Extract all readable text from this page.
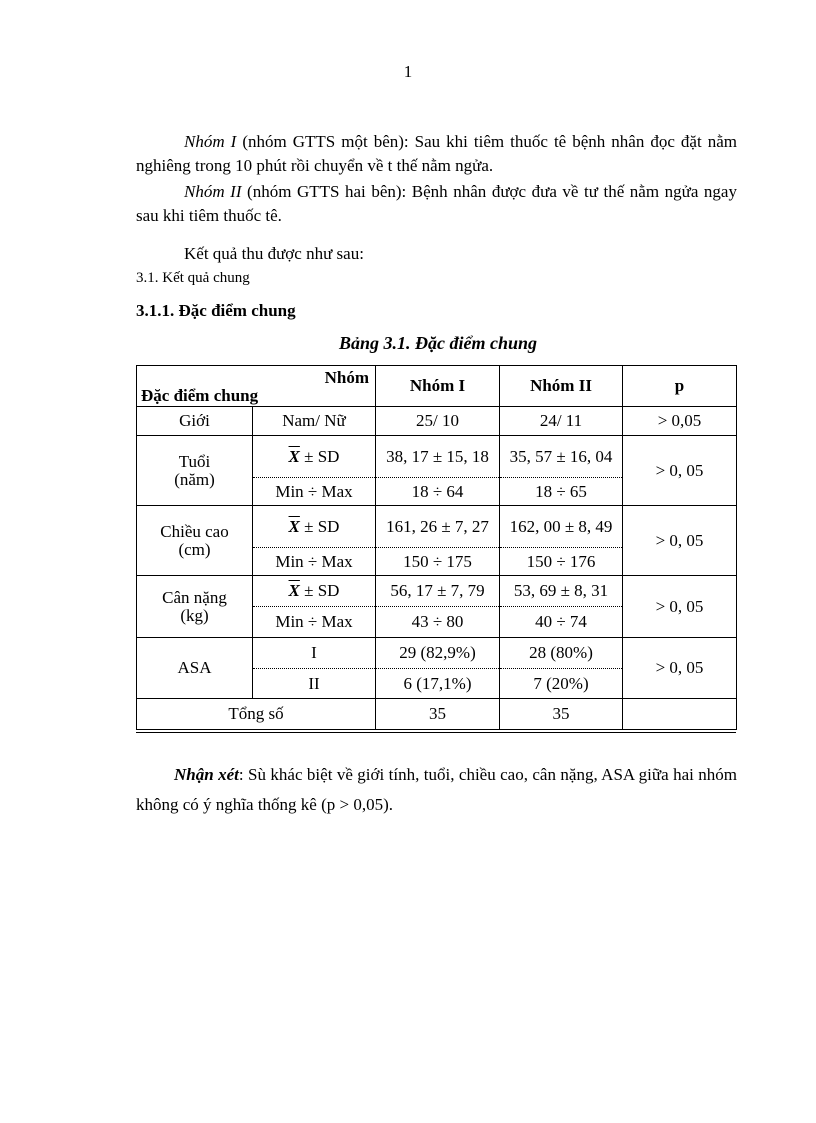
1

Nhóm I (nhóm GTTS một bên): Sau khi tiêm thuốc tê bệnh nhân đọc đặt nằm nghiêng trong 10 phút rồi chuyển về t thế nằm ngửa.

Nhóm II (nhóm GTTS hai bên): Bệnh nhân được đưa về tư thế nằm ngửa ngay sau khi tiêm thuốc tê.

Kết quả thu được như sau:

3.1. Kết quả chung
3.1.1. Đặc điểm chung
Bảng 3.1. Đặc điểm chung
Nhóm
Đặc điểm chung		Nhóm I	Nhóm II	p
Giới	Nam/ Nữ	25/ 10	24/ 11	> 0,05
Tuổi
(năm)	$\overline{X}$ ± SD	38, 17 ± 15, 18	35, 57 ± 16, 04	> 0, 05
	Min ÷ Max	18 ÷ 64	18 ÷ 65	
Chiều cao
(cm)	$\overline{X}$ ± SD	161, 26 ± 7, 27	162, 00 ± 8, 49	> 0, 05
	Min ÷ Max	150 ÷ 175	150 ÷ 176	
Cân nặng
(kg)	$\overline{X}$ ± SD	56, 17 ± 7, 79	53, 69 ± 8, 31	> 0, 05
	Min ÷ Max	43 ÷ 80	40 ÷ 74	
ASA	I	29 (82,9%)	28 (80%)	> 0, 05
	II	6 (17,1%)	7 (20%)	
Tổng số		35	35	

Nhận xét: Sù khác biệt về giới tính, tuổi, chiều cao, cân nặng, ASA giữa hai nhóm không có ý nghĩa thống kê (p > 0,05).
